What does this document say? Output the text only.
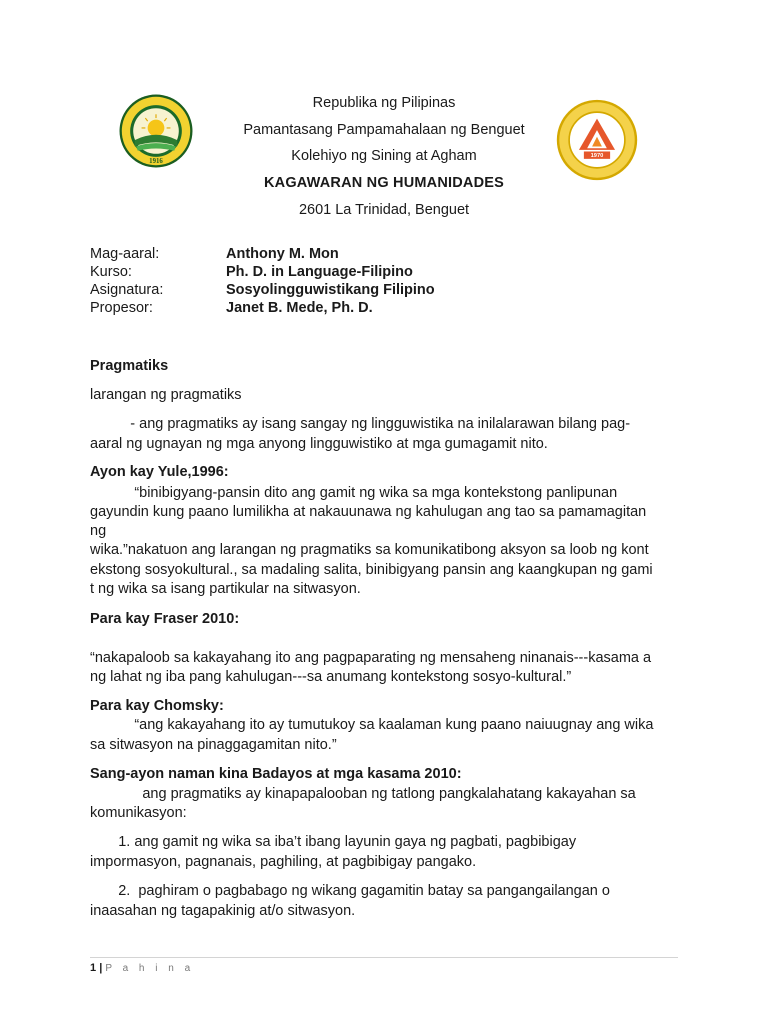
1916
1970
Republika ng Pilipinas
Pamantasang Pampamahalaan ng Benguet
Kolehiyo ng Sining at Agham
KAGAWARAN NG HUMANIDADES
2601 La Trinidad, Benguet
Mag-aaral:	Anthony M. Mon
Kurso:	Ph. D. in Language-Filipino
Asignatura:	Sosyolingguwistikang Filipino
Propesor:	Janet B. Mede, Ph. D.
Pragmatiks
larangan ng pragmatiks
- ang pragmatiks ay isang sangay ng lingguwistika na inilalarawan bilang pag-
aaral ng ugnayan ng mga anyong lingguwistiko at mga gumagamit nito.
Ayon kay Yule,1996:
“binibigyang-pansin dito ang gamit ng wika sa mga kontekstong panlipunan
gayundin kung paano lumilikha at nakauunawa ng kahulugan ang tao sa pamamagitan
ng
wika.”nakatuon ang larangan ng pragmatiks sa komunikatibong aksyon sa loob ng kont
ekstong sosyokultural., sa madaling salita, binibigyang pansin ang kaangkupan ng gami
t ng wika sa isang partikular na sitwasyon.
Para kay Fraser 2010:
“nakapaloob sa kakayahang ito ang pagpaparating ng mensaheng ninanais---kasama a
ng lahat ng iba pang kahulugan---sa anumang kontekstong sosyo-kultural.”
Para kay Chomsky:
“ang kakayahang ito ay tumutukoy sa kaalaman kung paano naiuugnay ang wika
sa sitwasyon na pinaggagamitan nito.”
Sang-ayon naman kina Badayos at mga kasama 2010:
ang pragmatiks ay kinapapalooban ng tatlong pangkalahatang kakayahan sa
komunikasyon:
1. ang gamit ng wika sa iba’t ibang layunin gaya ng pagbati, pagbibigay
impormasyon, pagnanais, paghiling, at pagbibigay pangako.
2.  paghiram o pagbabago ng wikang gagamitin batay sa pangangailangan o
inaasahan ng tagapakinig at/o sitwasyon.
1 | P a h i n a
